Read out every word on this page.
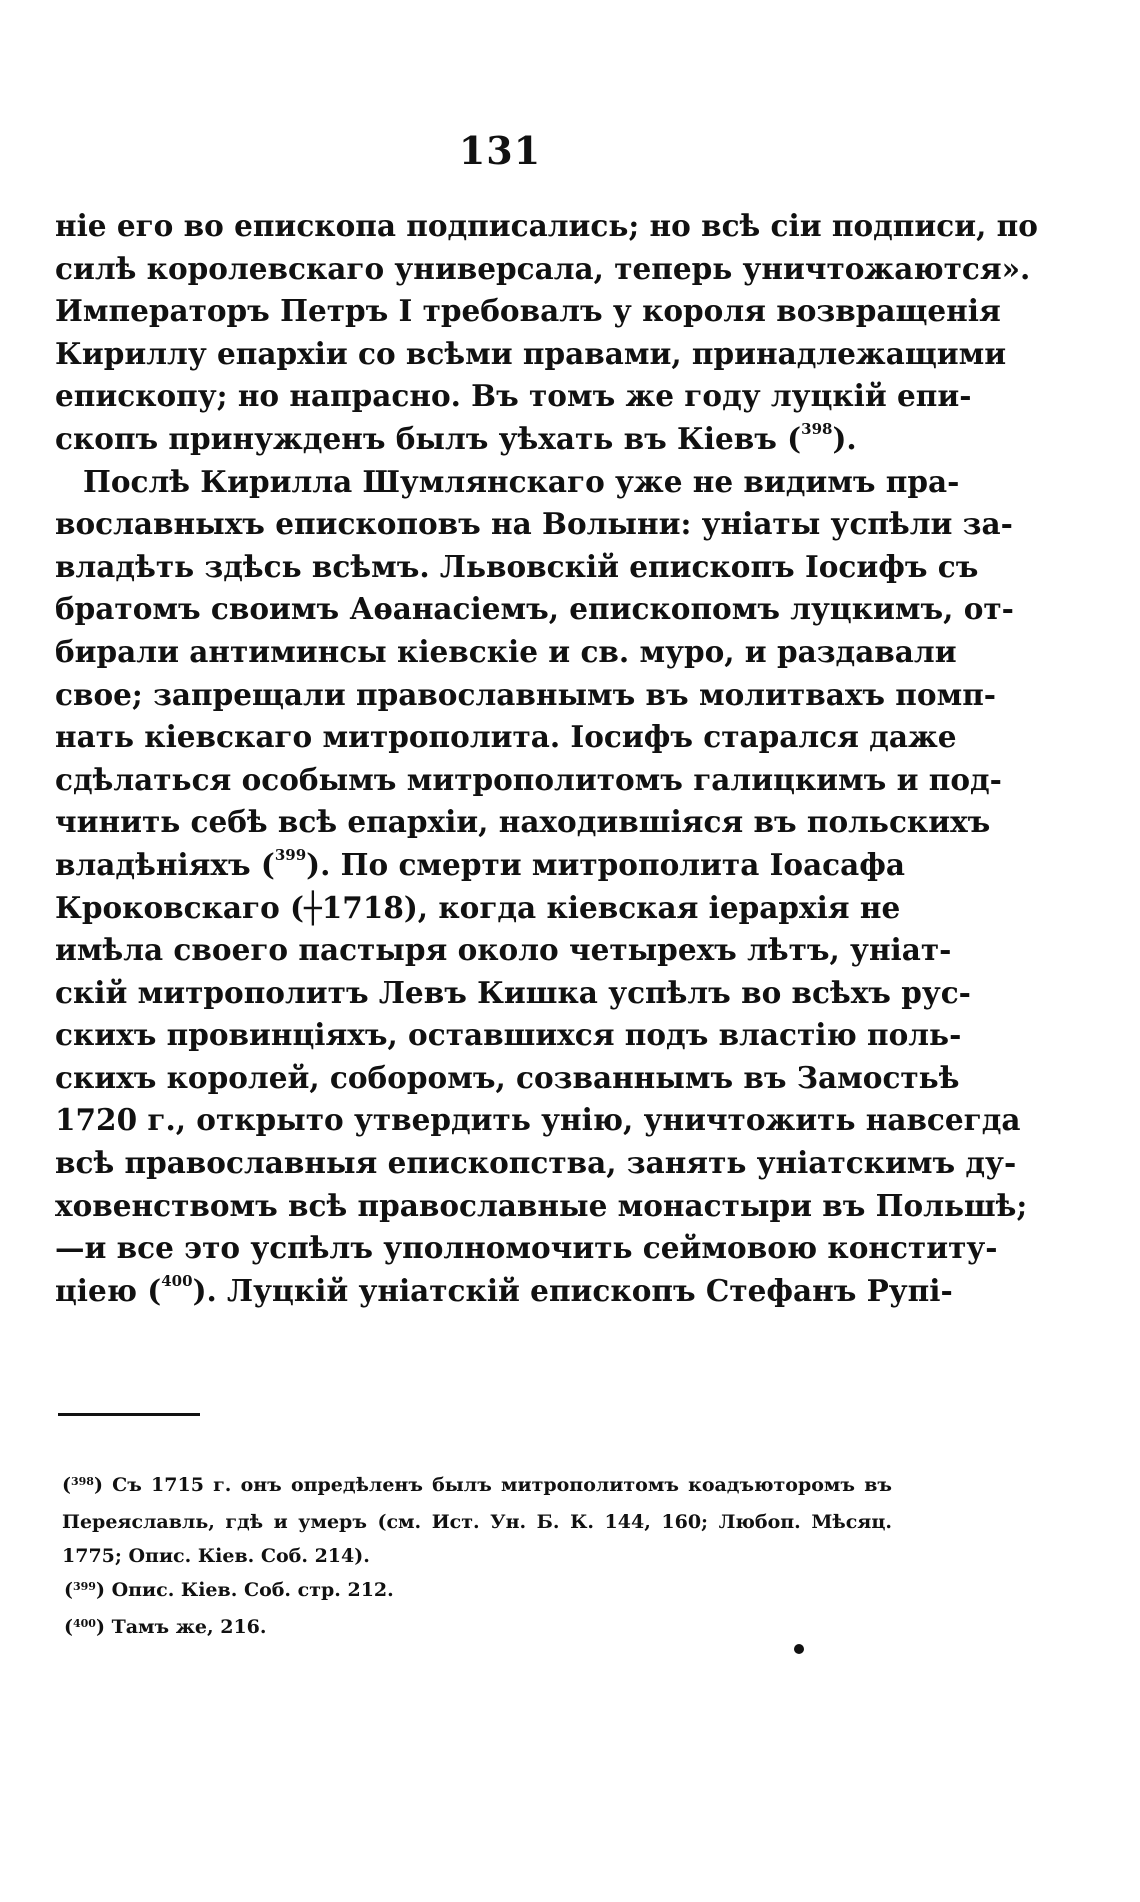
131
ніе его во епископа подписались; но всѣ сіи подписи, по
силѣ королевскаго универсала, теперь уничтожаются».
Императоръ Петръ I требовалъ у короля возвращенія
Кириллу епархіи со всѣми правами, принадлежащими
епископу; но напрасно. Въ томъ же году луцкій епи-
скопъ принужденъ былъ уѣхать въ Кіевъ ($^{398}$).
Послѣ Кирилла Шумлянскаго уже не видимъ пра-
вославныхъ епископовъ на Волыни: уніаты успѣли за-
владѣть здѣсь всѣмъ. Львовскій епископъ Іосифъ съ
братомъ своимъ Аѳанасіемъ, епископомъ луцкимъ, от-
бирали антиминсы кіевскіе и св. муро, и раздавали
свое; запрещали православнымъ въ молитвахъ помп-
нать кіевскаго митрополита. Іосифъ старался даже
сдѣлаться особымъ митрополитомъ галицкимъ и под-
чинить себѣ всѣ епархіи, находившіяся въ польскихъ
владѣніяхъ ($^{399}$). По смерти митрополита Іоасафа
Кроковскаго (┼1718), когда кіевская іерархія не
имѣла своего пастыря около четырехъ лѣтъ, уніат-
скій митрополитъ Левъ Кишка успѣлъ во всѣхъ рус-
скихъ провинціяхъ, оставшихся подъ властію поль-
скихъ королей, соборомъ, созваннымъ въ Замостьѣ
1720 г., открыто утвердить унію, уничтожить навсегда
всѣ православныя епископства, занять уніатскимъ ду-
ховенствомъ всѣ православные монастыри въ Польшѣ;
—и все это успѣлъ уполномочить сеймовою конститу-
ціею ($^{400}$). Луцкій уніатскій епископъ Стефанъ Рупі-
($^{398}$) Съ 1715 г. онъ опредѣленъ былъ митрополитомъ коадъюторомъ въ
Переяславль, гдѣ и умеръ (см. Ист. Ун. Б. К. 144, 160; Любоп. Мѣсяц.
1775; Опис. Кіев. Соб. 214).
($^{399}$) Опис. Кіев. Соб. стр. 212.
($^{400}$) Тамъ же, 216.
